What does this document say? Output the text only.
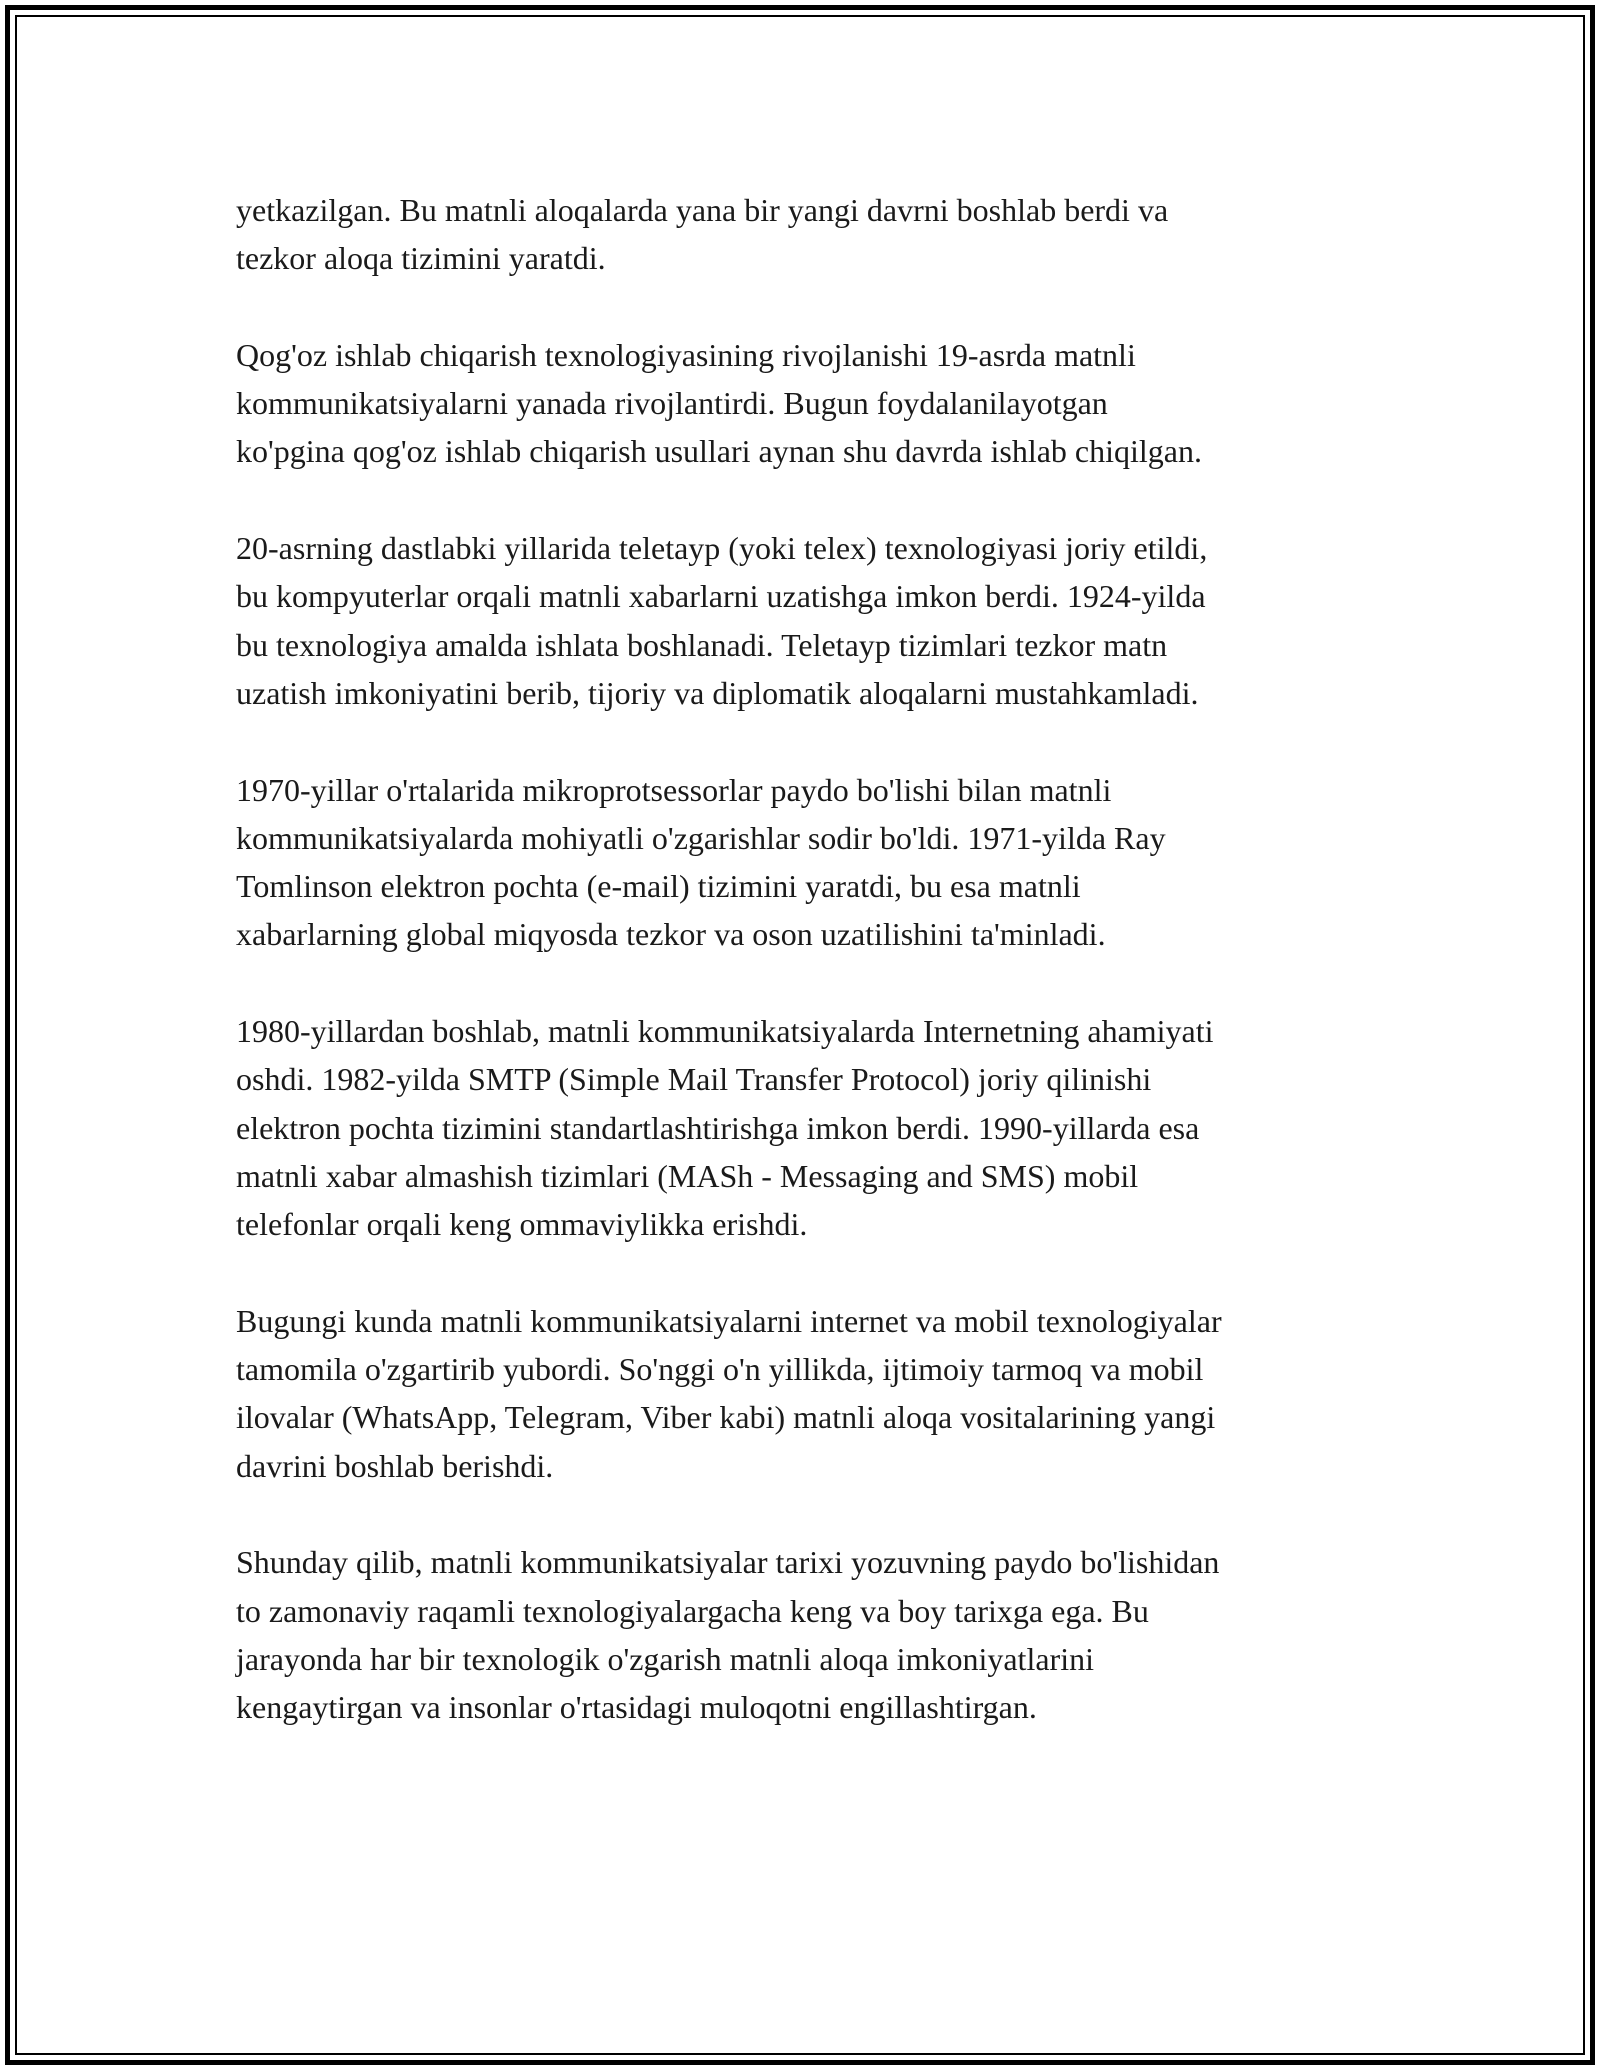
yetkazilgan. Bu matnli aloqalarda yana bir yangi davrni boshlab berdi va
tezkor aloqa tizimini yaratdi.

Qog'oz ishlab chiqarish texnologiyasining rivojlanishi 19-asrda matnli
kommunikatsiyalarni yanada rivojlantirdi. Bugun foydalanilayotgan
ko'pgina qog'oz ishlab chiqarish usullari aynan shu davrda ishlab chiqilgan.

20-asrning dastlabki yillarida teletayp (yoki telex) texnologiyasi joriy etildi,
bu kompyuterlar orqali matnli xabarlarni uzatishga imkon berdi. 1924-yilda
bu texnologiya amalda ishlata boshlanadi. Teletayp tizimlari tezkor matn
uzatish imkoniyatini berib, tijoriy va diplomatik aloqalarni mustahkamladi.

1970-yillar o'rtalarida mikroprotsessorlar paydo bo'lishi bilan matnli
kommunikatsiyalarda mohiyatli o'zgarishlar sodir bo'ldi. 1971-yilda Ray
Tomlinson elektron pochta (e-mail) tizimini yaratdi, bu esa matnli
xabarlarning global miqyosda tezkor va oson uzatilishini ta'minladi.

1980-yillardan boshlab, matnli kommunikatsiyalarda Internetning ahamiyati
oshdi. 1982-yilda SMTP (Simple Mail Transfer Protocol) joriy qilinishi
elektron pochta tizimini standartlashtirishga imkon berdi. 1990-yillarda esa
matnli xabar almashish tizimlari (MASh - Messaging and SMS) mobil
telefonlar orqali keng ommaviylikka erishdi.

Bugungi kunda matnli kommunikatsiyalarni internet va mobil texnologiyalar
tamomila o'zgartirib yubordi. So'nggi o'n yillikda, ijtimoiy tarmoq va mobil
ilovalar (WhatsApp, Telegram, Viber kabi) matnli aloqa vositalarining yangi
davrini boshlab berishdi.

Shunday qilib, matnli kommunikatsiyalar tarixi yozuvning paydo bo'lishidan
to zamonaviy raqamli texnologiyalargacha keng va boy tarixga ega. Bu
jarayonda har bir texnologik o'zgarish matnli aloqa imkoniyatlarini
kengaytirgan va insonlar o'rtasidagi muloqotni engillashtirgan.
